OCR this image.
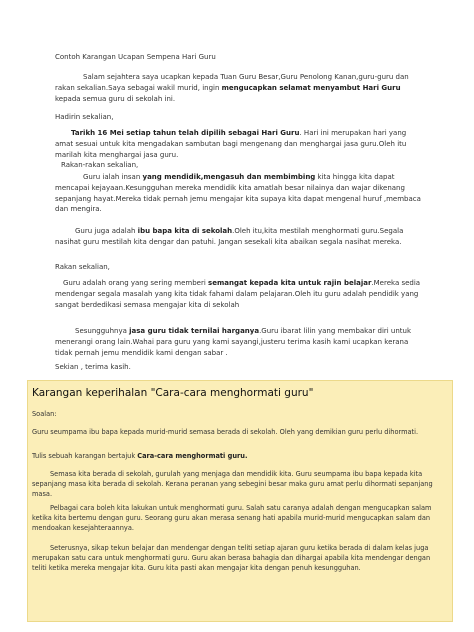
Contoh Karangan Ucapan Sempena Hari Guru

Salam sejahtera saya ucapkan kepada Tuan Guru Besar,Guru Penolong Kanan,guru-guru dan rakan sekalian.Saya sebagai wakil murid, ingin mengucapkan selamat menyambut Hari Guru kepada semua guru di sekolah ini.

Hadirin sekalian,

Tarikh 16 Mei setiap tahun telah dipilih sebagai Hari Guru. Hari ini merupakan hari yang amat sesuai untuk kita mengadakan sambutan bagi mengenang dan menghargai jasa guru.Oleh itu marilah kita menghargai jasa guru.

Rakan-rakan sekalian,

Guru ialah insan yang mendidik,mengasuh dan membimbing kita hingga kita dapat mencapai kejayaan.Kesungguhan mereka mendidik kita amatlah besar nilainya dan wajar dikenang sepanjang hayat.Mereka tidak pernah jemu mengajar kita supaya kita dapat mengenal huruf ,membaca dan mengira.

Guru juga adalah ibu bapa kita di sekolah.Oleh itu,kita mestilah menghormati guru.Segala nasihat guru mestilah kita dengar dan patuhi. Jangan sesekali kita abaikan segala nasihat mereka.

Rakan sekalian,

Guru adalah orang yang sering memberi semangat kepada kita untuk rajin belajar.Mereka sedia mendengar segala masalah yang kita tidak fahami dalam pelajaran.Oleh itu guru adalah pendidik yang sangat berdedikasi semasa mengajar kita di sekolah

Sesungguhnya jasa guru tidak ternilai harganya.Guru ibarat lilin yang membakar diri untuk menerangi orang lain.Wahai para guru yang kami sayangi,justeru terima kasih kami ucapkan kerana tidak pernah jemu mendidik kami dengan sabar .

Sekian , terima kasih.

Karangan keperihalan "Cara-cara menghormati guru"

Soalan:

Guru seumpama ibu bapa kepada murid-murid semasa berada di sekolah. Oleh yang demikian guru perlu dihormati.

Tulis sebuah karangan bertajuk Cara-cara menghormati guru.

Semasa kita berada di sekolah, gurulah yang menjaga dan mendidik kita. Guru seumpama ibu bapa kepada kita sepanjang masa kita berada di sekolah. Kerana peranan yang sebegini besar maka guru amat perlu dihormati sepanjang masa.

Pelbagai cara boleh kita lakukan untuk menghormati guru. Salah satu caranya adalah dengan mengucapkan salam ketika kita bertemu dengan guru. Seorang guru akan merasa senang hati apabila murid-murid mengucapkan salam dan mendoakan kesejahteraannya.

Seterusnya, sikap tekun belajar dan mendengar dengan teliti setiap ajaran guru ketika berada di dalam kelas juga merupakan satu cara untuk menghormati guru. Guru akan berasa bahagia dan dihargai apabila kita mendengar dengan teliti ketika mereka mengajar kita. Guru kita pasti akan mengajar kita dengan penuh kesungguhan.
